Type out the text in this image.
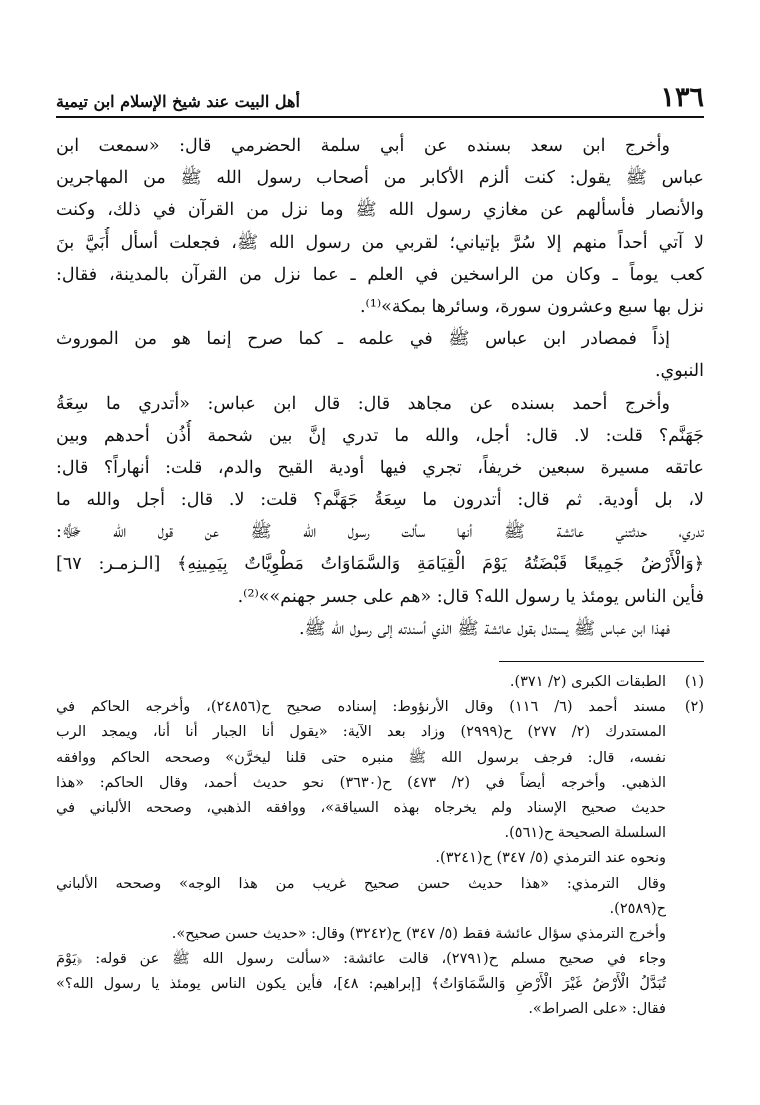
١٣٦
أهل البيت عند شيخ الإسلام ابن تيمية
وأخرج ابن سعد بسنده عن أبي سلمة الحضرمي قال: «سمعت ابن
عباس ﷺ يقول: كنت ألزم الأكابر من أصحاب رسول الله ﷺ من المهاجرين
والأنصار فأسألهم عن مغازي رسول الله ﷺ وما نزل من القرآن في ذلك، وكنت
لا آتي أحداً منهم إلا سُرَّ بإتياني؛ لقربي من رسول الله ﷺ، فجعلت أسأل أُبَيَّ بنَ
كعب يوماً ـ وكان من الراسخين في العلم ـ عما نزل من القرآن بالمدينة، فقال:
نزل بها سبع وعشرون سورة، وسائرها بمكة»⁽¹⁾.
إذاً فمصادر ابن عباس ﷺ في علمه ـ كما صرح إنما هو من الموروث
النبوي.
وأخرج أحمد بسنده عن مجاهد قال: قال ابن عباس: «أتدري ما سِعَةُ
جَهَنَّم؟ قلت: لا. قال: أجل، والله ما تدري إنَّ بين شحمة أُذُن أحدهم وبين
عاتقه مسيرة سبعين خريفاً، تجري فيها أودية القيح والدم، قلت: أنهاراً؟ قال:
لا، بل أودية. ثم قال: أتدرون ما سِعَةُ جَهَنَّم؟ قلت: لا. قال: أجل والله ما
تدري، حدثتني عائشة ﷺ أنها سألت رسول الله ﷺ عن قول الله ﷻ:
﴿وَالْأَرْضُ جَمِيعًا قَبْضَتُهُ يَوْمَ الْقِيَامَةِ وَالسَّمَاوَاتُ مَطْوِيَّاتٌ بِيَمِينِهِ﴾ [الـزمـر: ٦٧]
فأين الناس يومئذ يا رسول الله؟ قال: «هم على جسر جهنم»»⁽²⁾.
فهذا ابن عباس ﷺ يستدل بقول عائشة ﷺ الذي أسندته إلى رسول الله ﷺ.
(١)
الطبقات الكبرى (٢/ ٣٧١).
(٢)
مسند أحمد (٦/ ١١٦) وقال الأرنؤوط: إسناده صحيح ح(٢٤٨٥٦)، وأخرجه الحاكم في
المستدرك (٢/ ٢٧٧) ح(٢٩٩٩) وزاد بعد الآية: «يقول أنا الجبار أنا أنا، ويمجد الرب
نفسه، قال: فرجف برسول الله ﷺ منبره حتى قلنا ليخرَّن» وصححه الحاكم ووافقه
الذهبي. وأخرجه أيضاً في (٢/ ٤٧٣) ح(٣٦٣٠) نحو حديث أحمد، وقال الحاكم: «هذا
حديث صحيح الإسناد ولم يخرجاه بهذه السياقة»، ووافقه الذهبي، وصححه الألباني في
السلسلة الصحيحة ح(٥٦١).
ونحوه عند الترمذي (٥/ ٣٤٧) ح(٣٢٤١).
وقال الترمذي: «هذا حديث حسن صحيح غريب من هذا الوجه» وصححه الألباني
ح(٢٥٨٩).
وأخرج الترمذي سؤال عائشة فقط (٥/ ٣٤٧) ح(٣٢٤٢) وقال: «حديث حسن صحيح».
وجاء في صحيح مسلم ح(٢٧٩١)، قالت عائشة: «سألت رسول الله ﷺ عن قوله: ﴿يَوْمَ
تُبَدَّلُ الْأَرْضُ غَيْرَ الْأَرْضِ وَالسَّمَاوَاتُ﴾ [إبراهيم: ٤٨]، فأين يكون الناس يومئذ يا رسول الله؟»
فقال: «على الصراط».
